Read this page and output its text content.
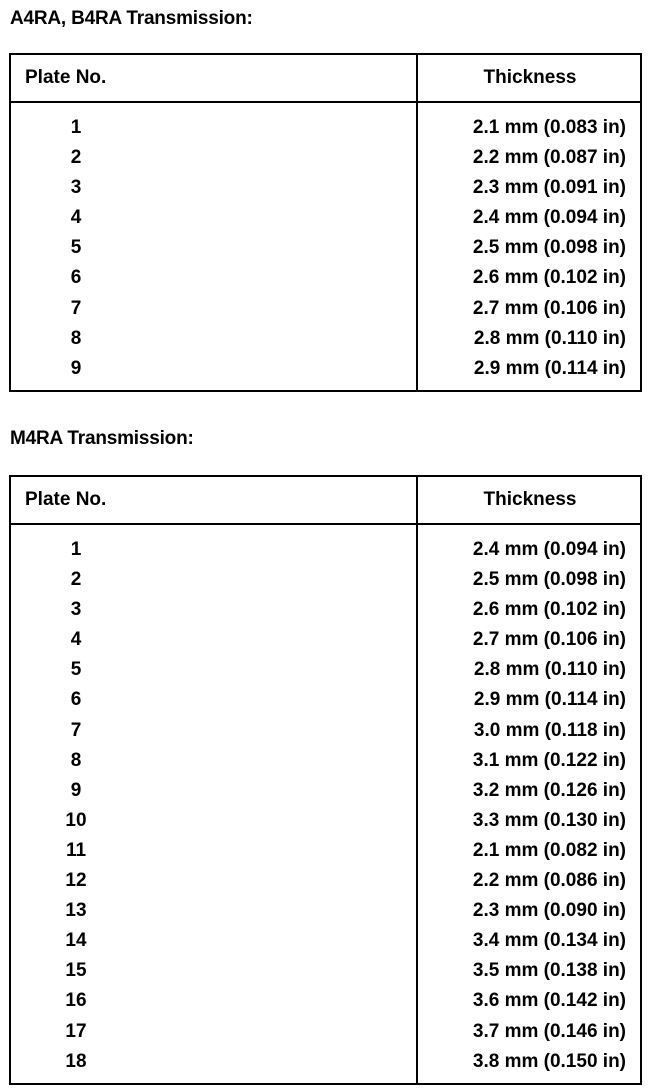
A4RA, B4RA Transmission:
Plate No.	Thickness
1	2.1 mm (0.083 in)
2	2.2 mm (0.087 in)
3	2.3 mm (0.091 in)
4	2.4 mm (0.094 in)
5	2.5 mm (0.098 in)
6	2.6 mm (0.102 in)
7	2.7 mm (0.106 in)
8	2.8 mm (0.110 in)
9	2.9 mm (0.114 in)
M4RA Transmission:
Plate No.	Thickness
1	2.4 mm (0.094 in)
2	2.5 mm (0.098 in)
3	2.6 mm (0.102 in)
4	2.7 mm (0.106 in)
5	2.8 mm (0.110 in)
6	2.9 mm (0.114 in)
7	3.0 mm (0.118 in)
8	3.1 mm (0.122 in)
9	3.2 mm (0.126 in)
10	3.3 mm (0.130 in)
11	2.1 mm (0.082 in)
12	2.2 mm (0.086 in)
13	2.3 mm (0.090 in)
14	3.4 mm (0.134 in)
15	3.5 mm (0.138 in)
16	3.6 mm (0.142 in)
17	3.7 mm (0.146 in)
18	3.8 mm (0.150 in)
